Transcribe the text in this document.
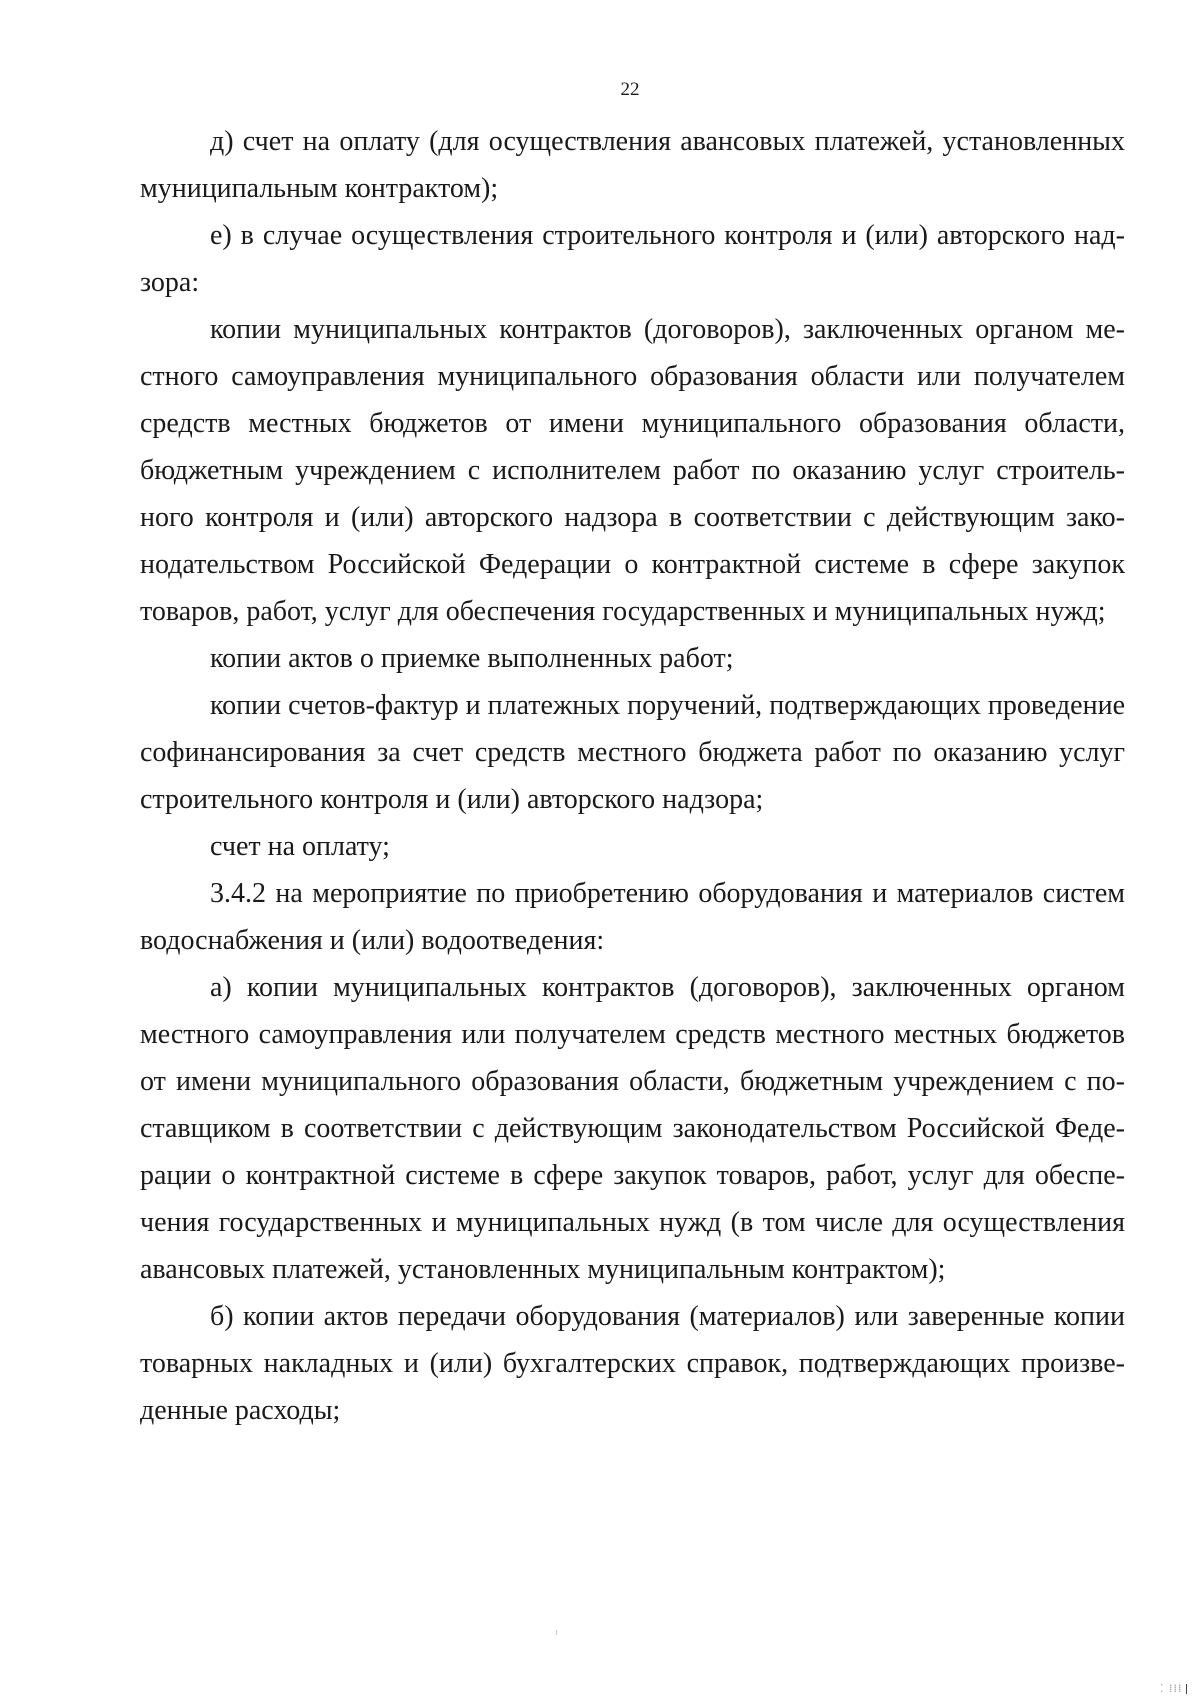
22

д) счет на оплату (для осуществления авансовых платежей, установленных муниципальным контрактом);

е) в случае осуществления строительного контроля и (или) авторского надзора:

копии муниципальных контрактов (договоров), заключенных органом местного самоуправления муниципального образования области или получателем средств местных бюджетов от имени муниципального образования области, бюджетным учреждением с исполнителем работ по оказанию услуг строительного контроля и (или) авторского надзора в соответствии с действующим законодательством Российской Федерации о контрактной системе в сфере закупок товаров, работ, услуг для обеспечения государственных и муниципальных нужд;

копии актов о приемке выполненных работ;

копии счетов-фактур и платежных поручений, подтверждающих проведение софинансирования за счет средств местного бюджета работ по оказанию услуг строительного контроля и (или) авторского надзора;

счет на оплату;

3.4.2 на мероприятие по приобретению оборудования и материалов систем водоснабжения и (или) водоотведения:

а) копии муниципальных контрактов (договоров), заключенных органом местного самоуправления или получателем средств местного местных бюджетов от имени муниципального образования области, бюджетным учреждением с поставщиком в соответствии с действующим законодательством Российской Федерации о контрактной системе в сфере закупок товаров, работ, услуг для обеспечения государственных и муниципальных нужд (в том числе для осуществления авансовых платежей, установленных муниципальным контрактом);

б) копии актов передачи оборудования (материалов) или заверенные копии товарных накладных и (или) бухгалтерских справок, подтверждающих произведенные расходы;

⁚ ⁞⁞⁞
